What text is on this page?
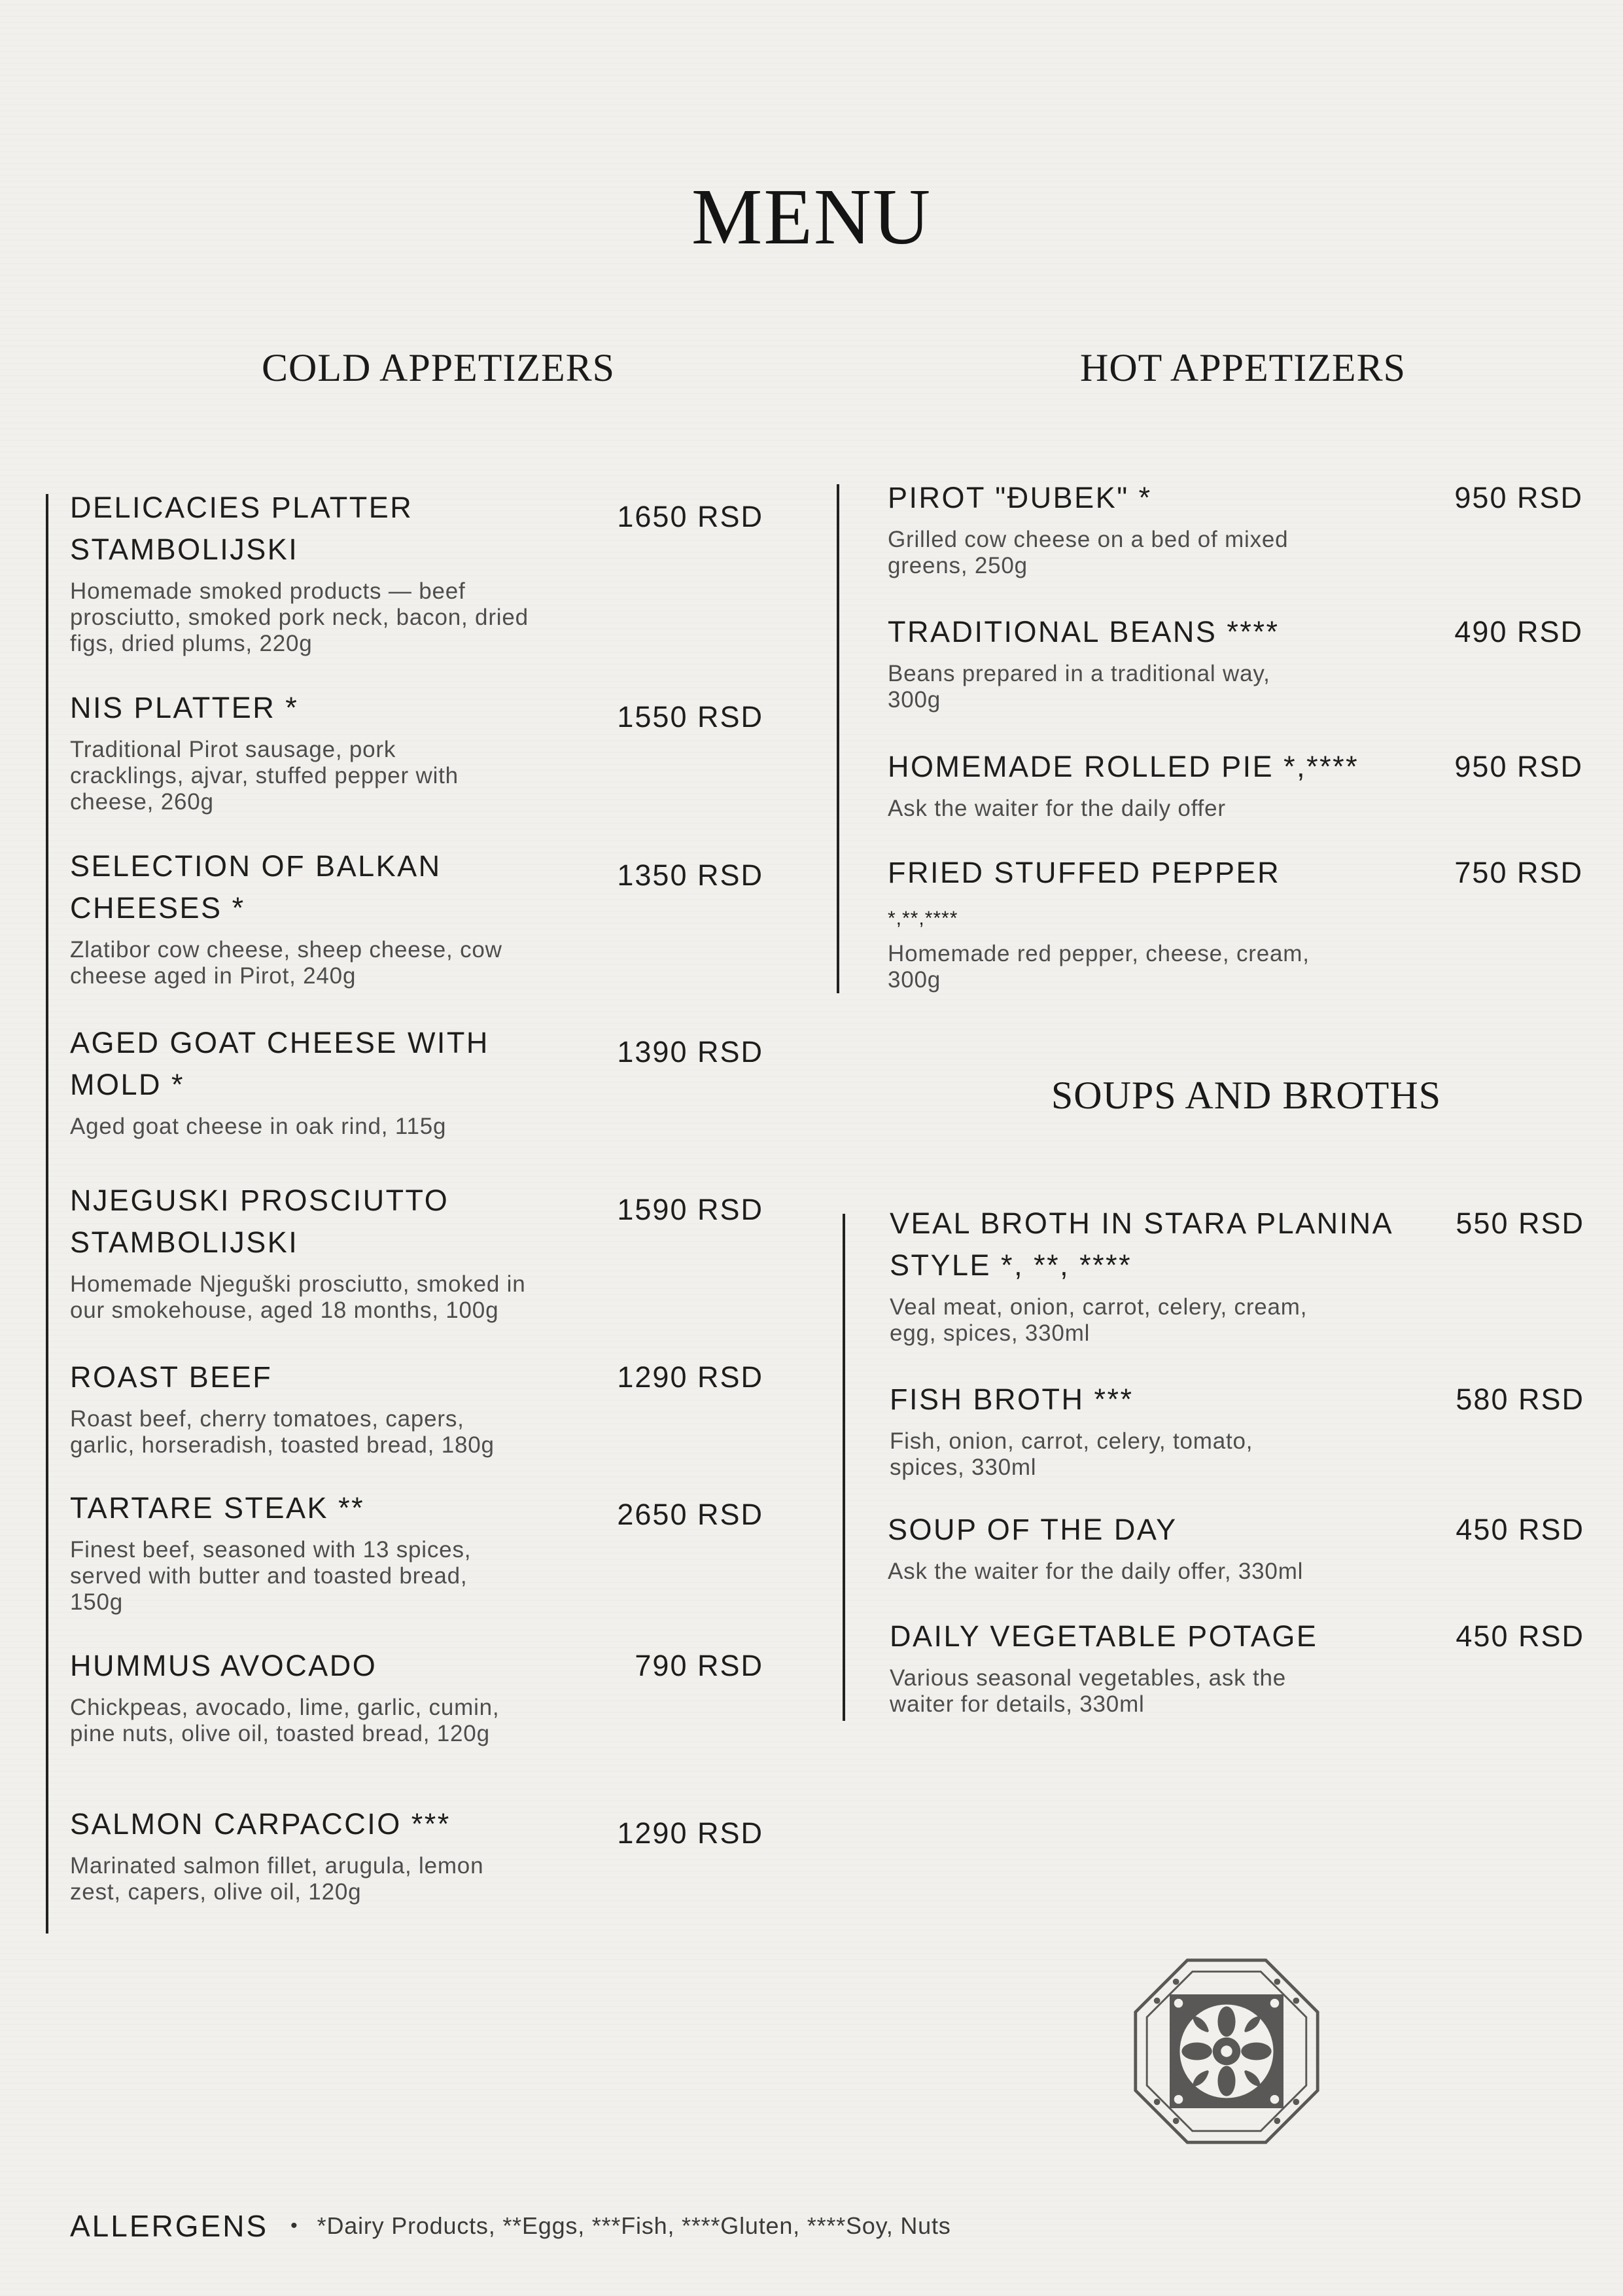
MENU
COLD APPETIZERS	HOT APPETIZERS
SOUPS AND BROTHS
DELICACIES PLATTER
STAMBOLIJSKI
Homemade smoked products — beef
prosciutto, smoked pork neck, bacon, dried
figs, dried plums, 220g
1650 RSD
NIS PLATTER *
Traditional Pirot sausage, pork
cracklings, ajvar, stuffed pepper with
cheese, 260g
1550 RSD
SELECTION OF BALKAN
CHEESES *
Zlatibor cow cheese, sheep cheese, cow
cheese aged in Pirot, 240g
1350 RSD
AGED GOAT CHEESE WITH
MOLD *
Aged goat cheese in oak rind, 115g
1390 RSD
NJEGUSKI PROSCIUTTO
STAMBOLIJSKI
Homemade Njeguški prosciutto, smoked in
our smokehouse, aged 18 months, 100g
1590 RSD
ROAST BEEF
Roast beef, cherry tomatoes, capers,
garlic, horseradish, toasted bread, 180g
1290 RSD
TARTARE STEAK **
Finest beef, seasoned with 13 spices,
served with butter and toasted bread,
150g
2650 RSD
HUMMUS AVOCADO
Chickpeas, avocado, lime, garlic, cumin,
pine nuts, olive oil, toasted bread, 120g
790 RSD
SALMON CARPACCIO ***
Marinated salmon fillet, arugula, lemon
zest, capers, olive oil, 120g
1290 RSD
PIROT "ĐUBEK" *
Grilled cow cheese on a bed of mixed
greens, 250g
950 RSD
TRADITIONAL BEANS ****
Beans prepared in a traditional way,
300g
490 RSD
HOMEMADE ROLLED PIE *,****
Ask the waiter for the daily offer
950 RSD
FRIED STUFFED PEPPER
*,**,****
Homemade red pepper, cheese, cream,
300g
750 RSD
VEAL BROTH IN STARA PLANINA
STYLE *, **, ****
Veal meat, onion, carrot, celery, cream,
egg, spices, 330ml
550 RSD
FISH BROTH ***
Fish, onion, carrot, celery, tomato,
spices, 330ml
580 RSD
SOUP OF THE DAY
Ask the waiter for the daily offer, 330ml
450 RSD
DAILY VEGETABLE POTAGE
Various seasonal vegetables, ask the
waiter for details, 330ml
450 RSD
ALLERGENS • *Dairy Products, **Eggs, ***Fish, ****Gluten, ****Soy, Nuts
